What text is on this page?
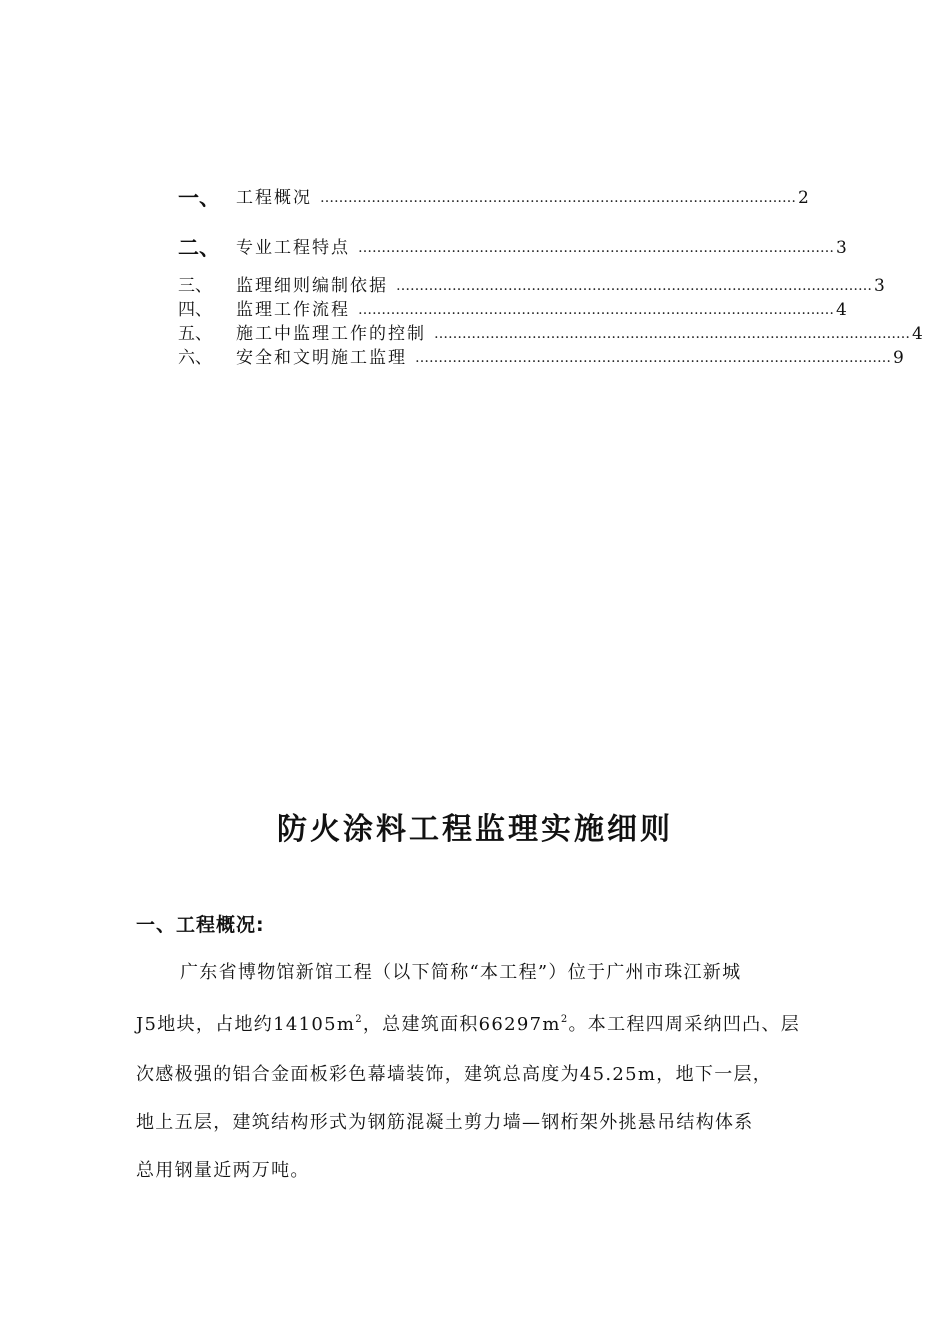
一、 工程概况 ………………………………………………………………………………………… 2
二、 专业工程特点 ………………………………………………………………………………………… 3
三、	监理细则编制依据 ………………………………………………………………………………………… 3
四、	监理工作流程 ………………………………………………………………………………………… 4
五、	施工中监理工作的控制 ………………………………………………………………………………………… 4
六、	安全和文明施工监理 ………………………………………………………………………………………… 9
防火涂料工程监理实施细则
一、工程概况:
广东省博物馆新馆工程（以下简称“本工程”）位于广州市珠江新城
J5地块，占地约$14105m^2$，总建筑面积$66297m^2$。本工程四周采纳凹凸、层
次感极强的铝合金面板彩色幕墙装饰，建筑总高度为45.25m，地下一层，
地上五层，建筑结构形式为钢筋混凝土剪力墙—钢桁架外挑悬吊结构体系
总用钢量近两万吨。
